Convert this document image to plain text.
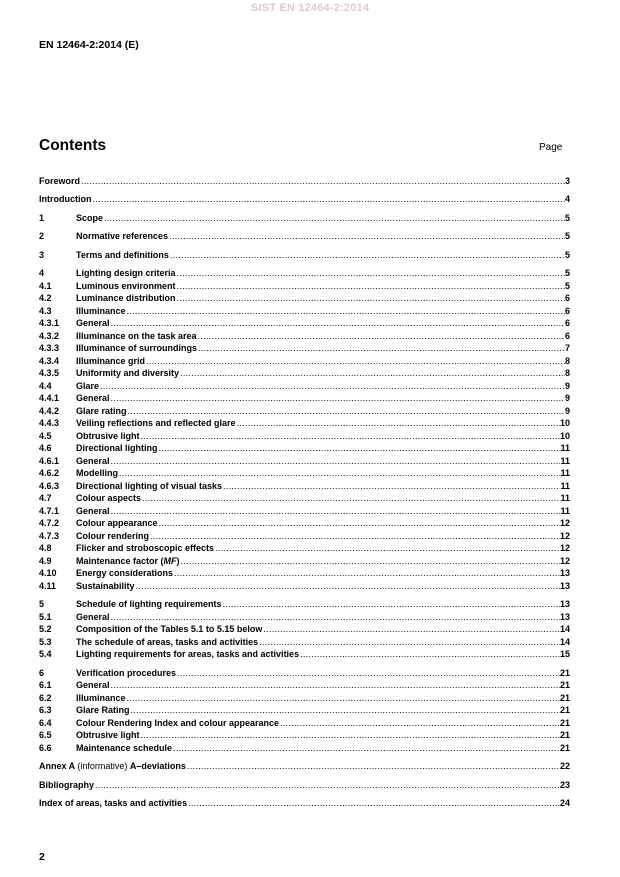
SIST EN 12464-2:2014
EN 12464-2:2014 (E)
Contents	Page
Foreword .....	3
Introduction .....	4
1	Scope .....	5
2	Normative references .....	5
3	Terms and definitions .....	5
4	Lighting design criteria .....	5
4.1	Luminous environment .....	5
4.2	Luminance distribution .....	6
4.3	Illuminance .....	6
4.3.1	General .....	6
4.3.2	Illuminance on the task area .....	6
4.3.3	Illuminance of surroundings .....	7
4.3.4	Illuminance grid .....	8
4.3.5	Uniformity and diversity .....	8
4.4	Glare .....	9
4.4.1	General .....	9
4.4.2	Glare rating .....	9
4.4.3	Veiling reflections and reflected glare .....	10
4.5	Obtrusive light .....	10
4.6	Directional lighting .....	11
4.6.1	General .....	11
4.6.2	Modelling .....	11
4.6.3	Directional lighting of visual tasks .....	11
4.7	Colour aspects .....	11
4.7.1	General .....	11
4.7.2	Colour appearance .....	12
4.7.3	Colour rendering .....	12
4.8	Flicker and stroboscopic effects .....	12
4.9	Maintenance factor (MF) .....	12
4.10	Energy considerations .....	13
4.11	Sustainability .....	13
5	Schedule of lighting requirements .....	13
5.1	General .....	13
5.2	Composition of the Tables 5.1 to 5.15 below .....	14
5.3	The schedule of areas, tasks and activities .....	14
5.4	Lighting requirements for areas, tasks and activities .....	15
6	Verification procedures .....	21
6.1	General .....	21
6.2	Illuminance .....	21
6.3	Glare Rating .....	21
6.4	Colour Rendering Index and colour appearance .....	21
6.5	Obtrusive light .....	21
6.6	Maintenance schedule .....	21
Annex A (informative) A–deviations .....	22
Bibliography .....	23
Index of areas, tasks and activities .....	24
2
